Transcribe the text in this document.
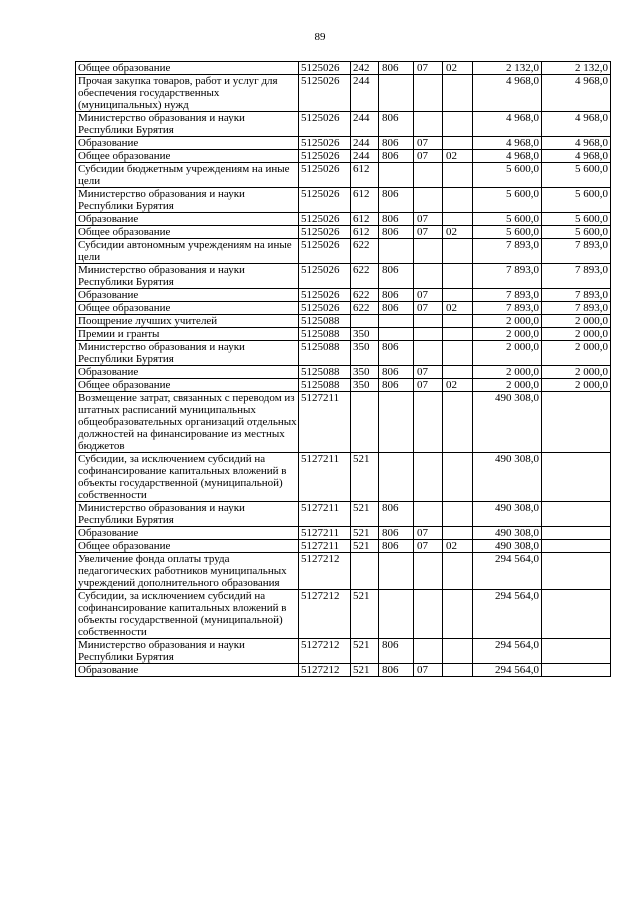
89
Общее образование	5125026	242	806	07	02	2 132,0	2 132,0
Прочая закупка товаров, работ и услуг для обеспечения государственных (муниципальных) нужд	5125026	244				4 968,0	4 968,0
Министерство образования и науки Республики Бурятия	5125026	244	806			4 968,0	4 968,0
Образование	5125026	244	806	07		4 968,0	4 968,0
Общее образование	5125026	244	806	07	02	4 968,0	4 968,0
Субсидии бюджетным учреждениям на иные цели	5125026	612				5 600,0	5 600,0
Министерство образования и науки Республики Бурятия	5125026	612	806			5 600,0	5 600,0
Образование	5125026	612	806	07		5 600,0	5 600,0
Общее образование	5125026	612	806	07	02	5 600,0	5 600,0
Субсидии автономным учреждениям на иные цели	5125026	622				7 893,0	7 893,0
Министерство образования и науки Республики Бурятия	5125026	622	806			7 893,0	7 893,0
Образование	5125026	622	806	07		7 893,0	7 893,0
Общее образование	5125026	622	806	07	02	7 893,0	7 893,0
Поощрение лучших учителей	5125088					2 000,0	2 000,0
Премии и гранты	5125088	350				2 000,0	2 000,0
Министерство образования и науки Республики Бурятия	5125088	350	806			2 000,0	2 000,0
Образование	5125088	350	806	07		2 000,0	2 000,0
Общее образование	5125088	350	806	07	02	2 000,0	2 000,0
Возмещение затрат, связанных с переводом из штатных расписаний муниципальных общеобразовательных организаций отдельных должностей на финансирование из местных бюджетов	5127211					490 308,0	
Субсидии, за исключением субсидий на софинансирование капитальных вложений в объекты государственной (муниципальной) собственности	5127211	521				490 308,0	
Министерство образования и науки Республики Бурятия	5127211	521	806			490 308,0	
Образование	5127211	521	806	07		490 308,0	
Общее образование	5127211	521	806	07	02	490 308,0	
Увеличение фонда оплаты труда педагогических работников муниципальных учреждений дополнительного образования	5127212					294 564,0	
Субсидии, за исключением субсидий на софинансирование капитальных вложений в объекты государственной (муниципальной) собственности	5127212	521				294 564,0	
Министерство образования и науки Республики Бурятия	5127212	521	806			294 564,0	
Образование	5127212	521	806	07		294 564,0	
